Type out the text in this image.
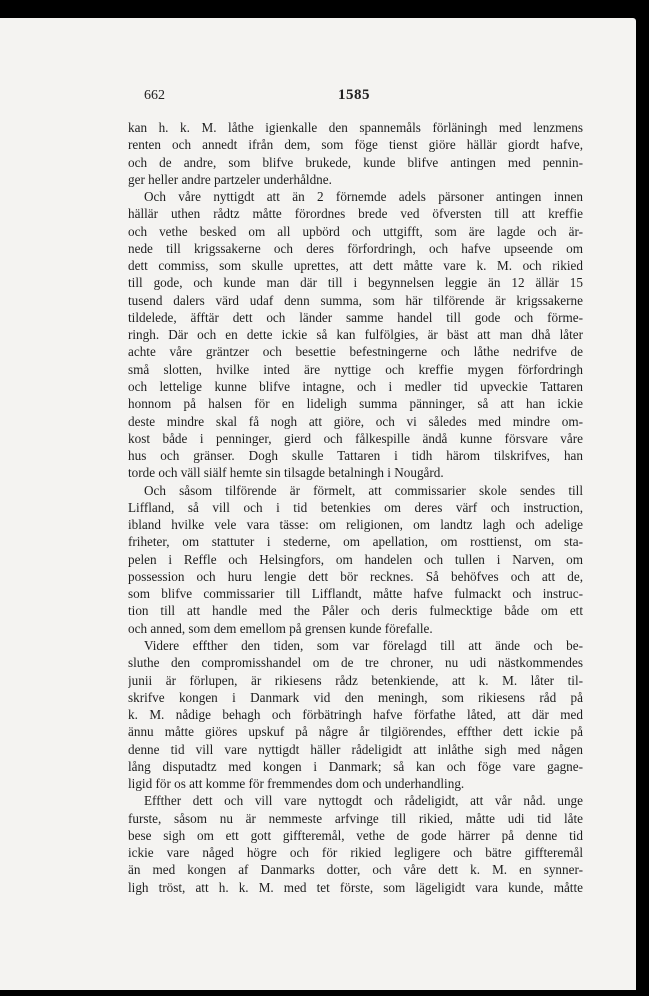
662	1585
kan h. k. M. låthe igienkalle den spannemåls förläningh med lenzmens
renten och annedt ifrån dem, som föge tienst giöre hällär giordt hafve,
och de andre, som blifve brukede, kunde blifve antingen med pennin-
ger heller andre partzeler underhåldne.
Och våre nyttigdt att än 2 förnemde adels pärsoner antingen innen
hällär uthen rådtz måtte förordnes brede ved öfversten till att kreffie
och vethe besked om all upbörd och uttgifft, som äre lagde och är-
nede till krigssakerne och deres förfordringh, och hafve upseende om
dett commiss, som skulle uprettes, att dett måtte vare k. M. och rikied
till gode, och kunde man där till i begynnelsen leggie än 12 ällär 15
tusend dalers värd udaf denn summa, som här tilförende är krigssakerne
tildelede, äfftär dett och länder samme handel till gode och förme-
ringh. Där och en dette ickie så kan fulfölgies, är bäst att man dhå låter
achte våre gräntzer och besettie befestningerne och låthe nedrifve de
små slotten, hvilke inted äre nyttige och kreffie mygen förfordringh
och lettelige kunne blifve intagne, och i medler tid upveckie Tattaren
honnom på halsen för en lideligh summa pänninger, så att han ickie
deste mindre skal få nogh att giöre, och vi således med mindre om-
kost både i penninger, gierd och fålkespille ändå kunne försvare våre
hus och gränser. Dogh skulle Tattaren i tidh härom tilskrifves, han
torde och väll siälf hemte sin tilsagde betalningh i Nougård.
Och såsom tilförende är förmelt, att commissarier skole sendes till
Liffland, så vill och i tid betenkies om deres värf och instruction,
ibland hvilke vele vara tässe: om religionen, om landtz lagh och adelige
friheter, om stattuter i stederne, om apellation, om rosttienst, om sta-
pelen i Reffle och Helsingfors, om handelen och tullen i Narven, om
possession och huru lengie dett bör recknes. Så behöfves och att de,
som blifve commissarier till Lifflandt, måtte hafve fulmackt och instruc-
tion till att handle med the Påler och deris fulmecktige både om ett
och anned, som dem emellom på grensen kunde förefalle.
Videre effther den tiden, som var förelagd till att ände och be-
sluthe den compromisshandel om de tre chroner, nu udi nästkommendes
junii är förlupen, är rikiesens rådz betenkiende, att k. M. låter til-
skrifve kongen i Danmark vid den meningh, som rikiesens råd på
k. M. nådige behagh och förbätringh hafve förfathe låted, att där med
ännu måtte giöres upskuf på någre år tilgiörendes, effther dett ickie på
denne tid vill vare nyttigdt häller rådeligidt att inlåthe sigh med någen
lång disputadtz med kongen i Danmark; så kan och föge vare gagne-
ligid för os att komme för fremmendes dom och underhandling.
Effther dett och vill vare nyttogdt och rådeligidt, att vår nåd. unge
furste, såsom nu är nemmeste arfvinge till rikied, måtte udi tid låte
bese sigh om ett gott giffteremål, vethe de gode härrer på denne tid
ickie vare någed högre och för rikied legligere och bätre giffteremål
än med kongen af Danmarks dotter, och våre dett k. M. en synner-
ligh tröst, att h. k. M. med tet förste, som lägeligidt vara kunde, måtte
